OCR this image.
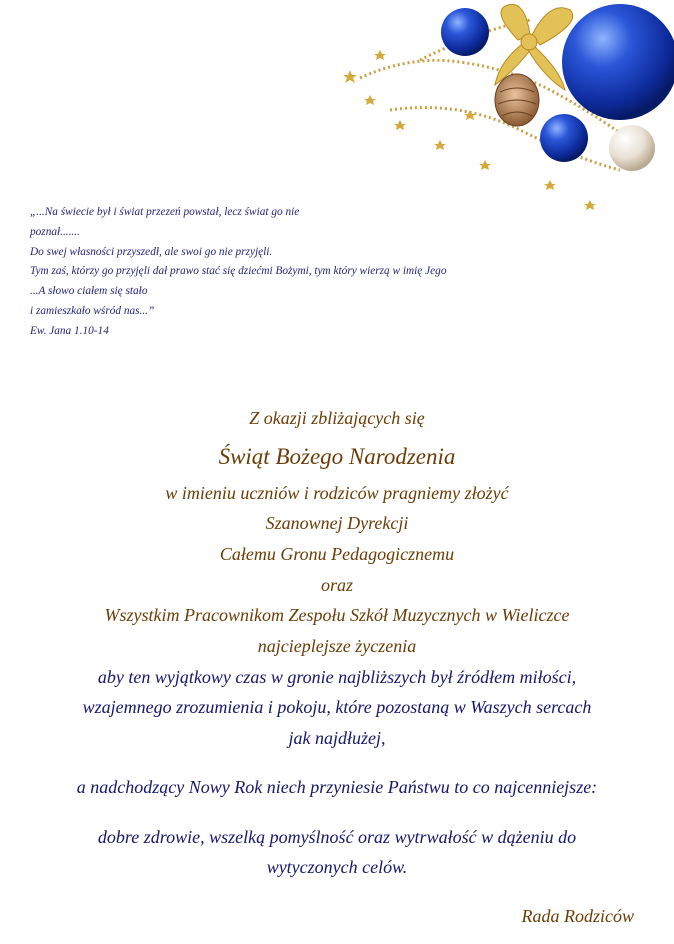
„...Na świecie był i świat przezeń powstał, lecz świat go nie
poznał.......
Do swej własności przyszedł, ale swoi go nie przyjęli.
Tym zaś, którzy go przyjęli dał prawo stać się dziećmi Bożymi, tym który wierzą w imię Jego
...A słowo ciałem się stało
i zamieszkało wśród nas...”
Ew. Jana 1.10-14
Z okazji zbliżających się
Świąt Bożego Narodzenia
w imieniu uczniów i rodziców pragniemy złożyć
Szanownej Dyrekcji
Całemu Gronu Pedagogicznemu
oraz
Wszystkim Pracownikom Zespołu Szkół Muzycznych w Wieliczce
najcieplejsze życzenia
aby ten wyjątkowy czas w gronie najbliższych był źródłem miłości,
wzajemnego zrozumienia i pokoju, które pozostaną w Waszych sercach
jak najdłużej,
a nadchodzący Nowy Rok niech przyniesie Państwu to co najcenniejsze:
dobre zdrowie, wszelką pomyślność oraz wytrwałość w dążeniu do
wytyczonych celów.
Rada Rodziców
